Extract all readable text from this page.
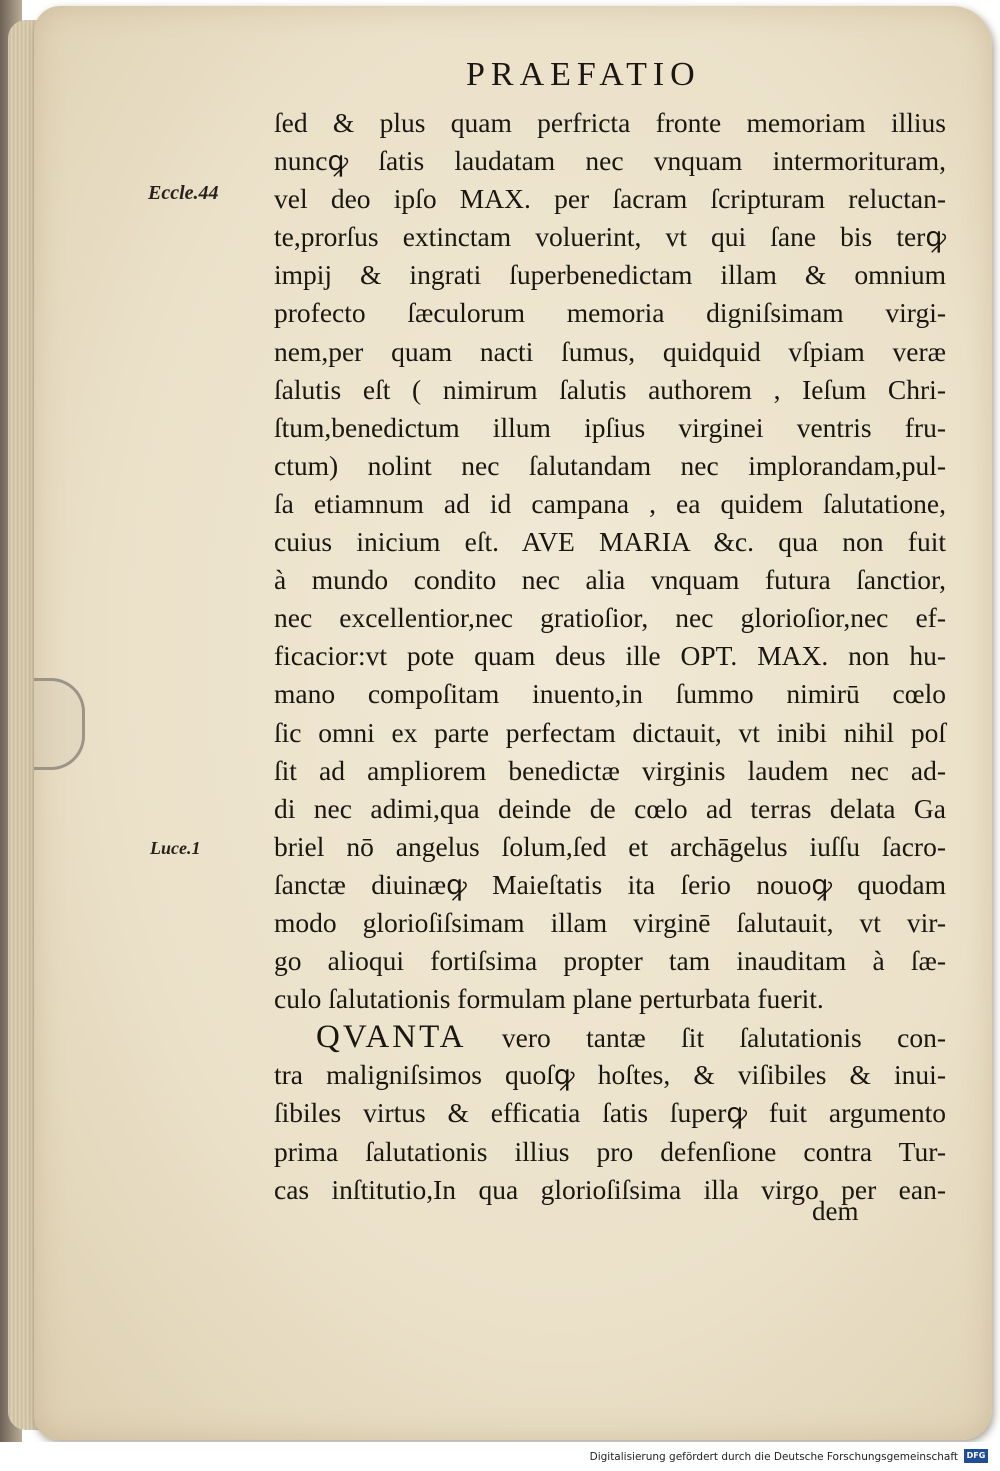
PRAEFATIO
Eccle.44
Luce.1
ſed & plus quam perfricta fronte memoriam illius
nuncꝙ ſatis laudatam nec vnquam intermorituram,
vel deo ipſo MAX. per ſacram ſcripturam reluctan-
te,prorſus extinctam voluerint, vt qui ſane bis terꝙ
impij & ingrati ſuperbenedictam illam & omnium
profecto ſæculorum memoria digniſsimam virgi-
nem,per quam nacti ſumus, quidquid vſpiam veræ
ſalutis eſt ( nimirum ſalutis authorem , Ieſum Chri-
ſtum,benedictum illum ipſius virginei ventris fru-
ctum) nolint nec ſalutandam nec implorandam,pul-
ſa etiamnum ad id campana , ea quidem ſalutatione,
cuius inicium eſt. AVE MARIA &c. qua non fuit
à mundo condito nec alia vnquam futura ſanctior,
nec excellentior,nec gratioſior, nec glorioſior,nec ef-
ficacior:vt pote quam deus ille OPT. MAX. non hu-
mano compoſitam inuento,in ſummo nimirū cœlo
ſic omni ex parte perfectam dictauit, vt inibi nihil poſ
ſit ad ampliorem benedictæ virginis laudem nec ad-
di nec adimi,qua deinde de cœlo ad terras delata Ga
briel nō angelus ſolum,ſed et archāgelus iuſſu ſacro-
ſanctæ diuinæꝙ Maieſtatis ita ſerio nouoꝙ quodam
modo glorioſiſsimam illam virginē ſalutauit, vt vir-
go alioqui fortiſsima propter tam inauditam à ſæ-
culo ſalutationis formulam plane perturbata fuerit.
QVANTA vero tantæ ſit ſalutationis con-
tra maligniſsimos quoſꝙ hoſtes, & viſibiles & inui-
ſibiles virtus & efficatia ſatis ſuperꝙ fuit argumento
prima ſalutationis illius pro defenſione contra Tur-
cas inſtitutio,In qua glorioſiſsima illa virgo per ean-
dem
Digitalisierung gefördert durch die Deutsche Forschungsgemeinschaft	DFG
